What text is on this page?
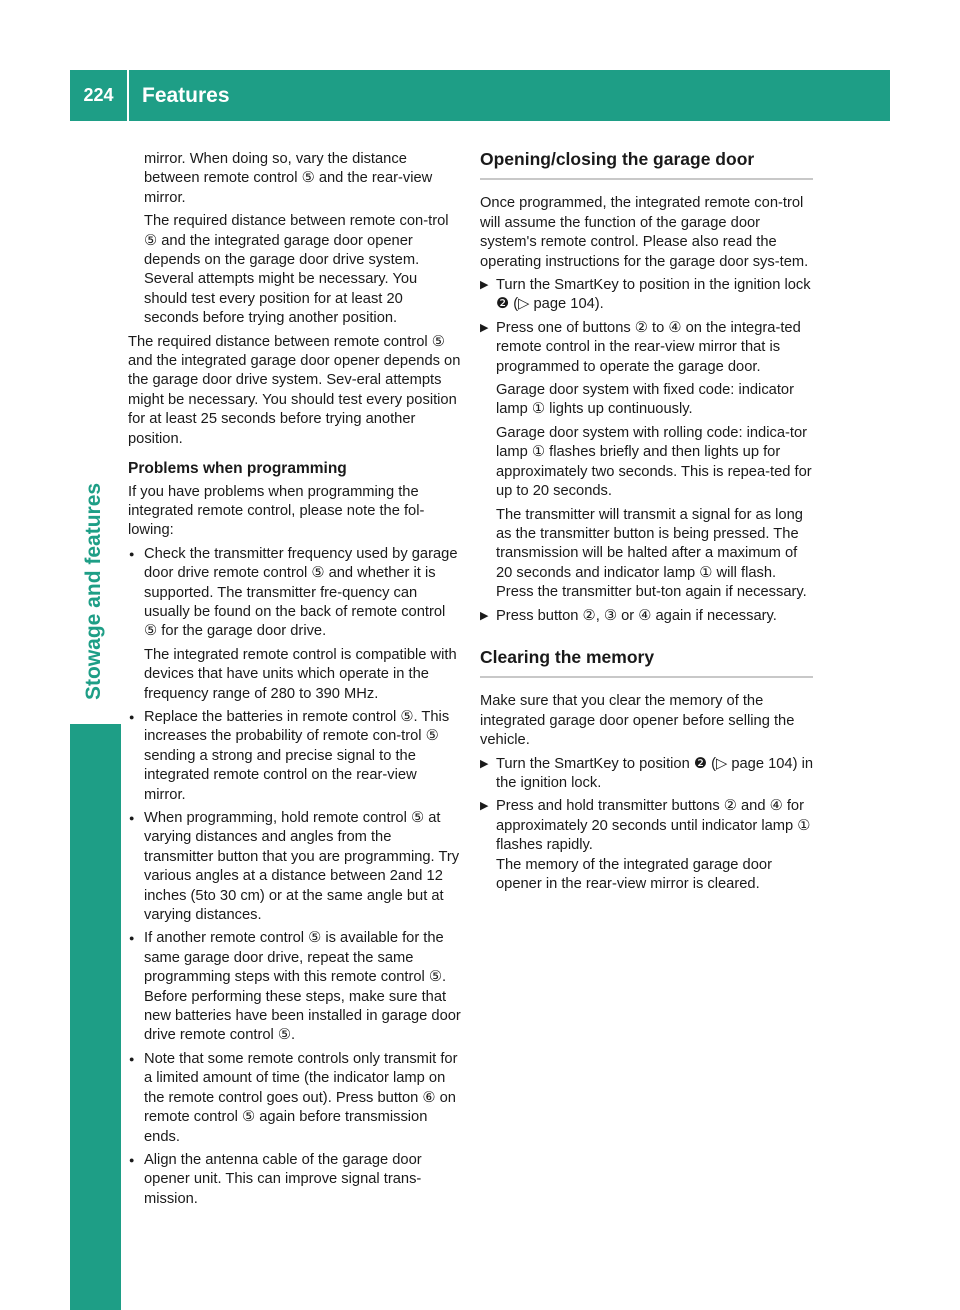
224	Features
Stowage and features

mirror. When doing so, vary the distance between remote control ⑤ and the rear-view mirror.

The required distance between remote con-trol ⑤ and the integrated garage door opener depends on the garage door drive system. Several attempts might be necessary. You should test every position for at least 20 seconds before trying another position.

The required distance between remote control ⑤ and the integrated garage door opener depends on the garage door drive system. Sev-eral attempts might be necessary. You should test every position for at least 25 seconds before trying another position.

Problems when programming

If you have problems when programming the integrated remote control, please note the fol-lowing:

● Check the transmitter frequency used by garage door drive remote control ⑤ and whether it is supported. The transmitter fre-quency can usually be found on the back of remote control ⑤ for the garage door drive.
The integrated remote control is compatible with devices that have units which operate in the frequency range of 280 to 390 MHz.
● Replace the batteries in remote control ⑤. This increases the probability of remote con-trol ⑤ sending a strong and precise signal to the integrated remote control on the rear-view mirror.
● When programming, hold remote control ⑤ at varying distances and angles from the transmitter button that you are programming. Try various angles at a distance between 2and 12 inches (5to 30 cm) or at the same angle but at varying distances.
● If another remote control ⑤ is available for the same garage door drive, repeat the same programming steps with this remote control ⑤. Before performing these steps, make sure that new batteries have been installed in garage door drive remote control ⑤.
● Note that some remote controls only transmit for a limited amount of time (the indicator lamp on the remote control goes out). Press button ⑥ on remote control ⑤ again before transmission ends.
● Align the antenna cable of the garage door opener unit. This can improve signal trans-mission.
Opening/closing the garage door

Once programmed, the integrated remote con-trol will assume the function of the garage door system's remote control. Please also read the operating instructions for the garage door sys-tem.

▶ Turn the SmartKey to position in the ignition lock ❷ (▷ page 104).
▶ Press one of buttons ② to ④ on the integra-ted remote control in the rear-view mirror that is programmed to operate the garage door.
Garage door system with fixed code: indicator lamp ① lights up continuously.
Garage door system with rolling code: indica-tor lamp ① flashes briefly and then lights up for approximately two seconds. This is repea-ted for up to 20 seconds.
The transmitter will transmit a signal for as long as the transmitter button is being pressed. The transmission will be halted after a maximum of 20 seconds and indicator lamp ① will flash. Press the transmitter but-ton again if necessary.
▶ Press button ②, ③ or ④ again if necessary.
Clearing the memory

Make sure that you clear the memory of the integrated garage door opener before selling the vehicle.

▶ Turn the SmartKey to position ❷ (▷ page 104) in the ignition lock.
▶ Press and hold transmitter buttons ② and ④ for approximately 20 seconds until indicator lamp ① flashes rapidly.
The memory of the integrated garage door opener in the rear-view mirror is cleared.
